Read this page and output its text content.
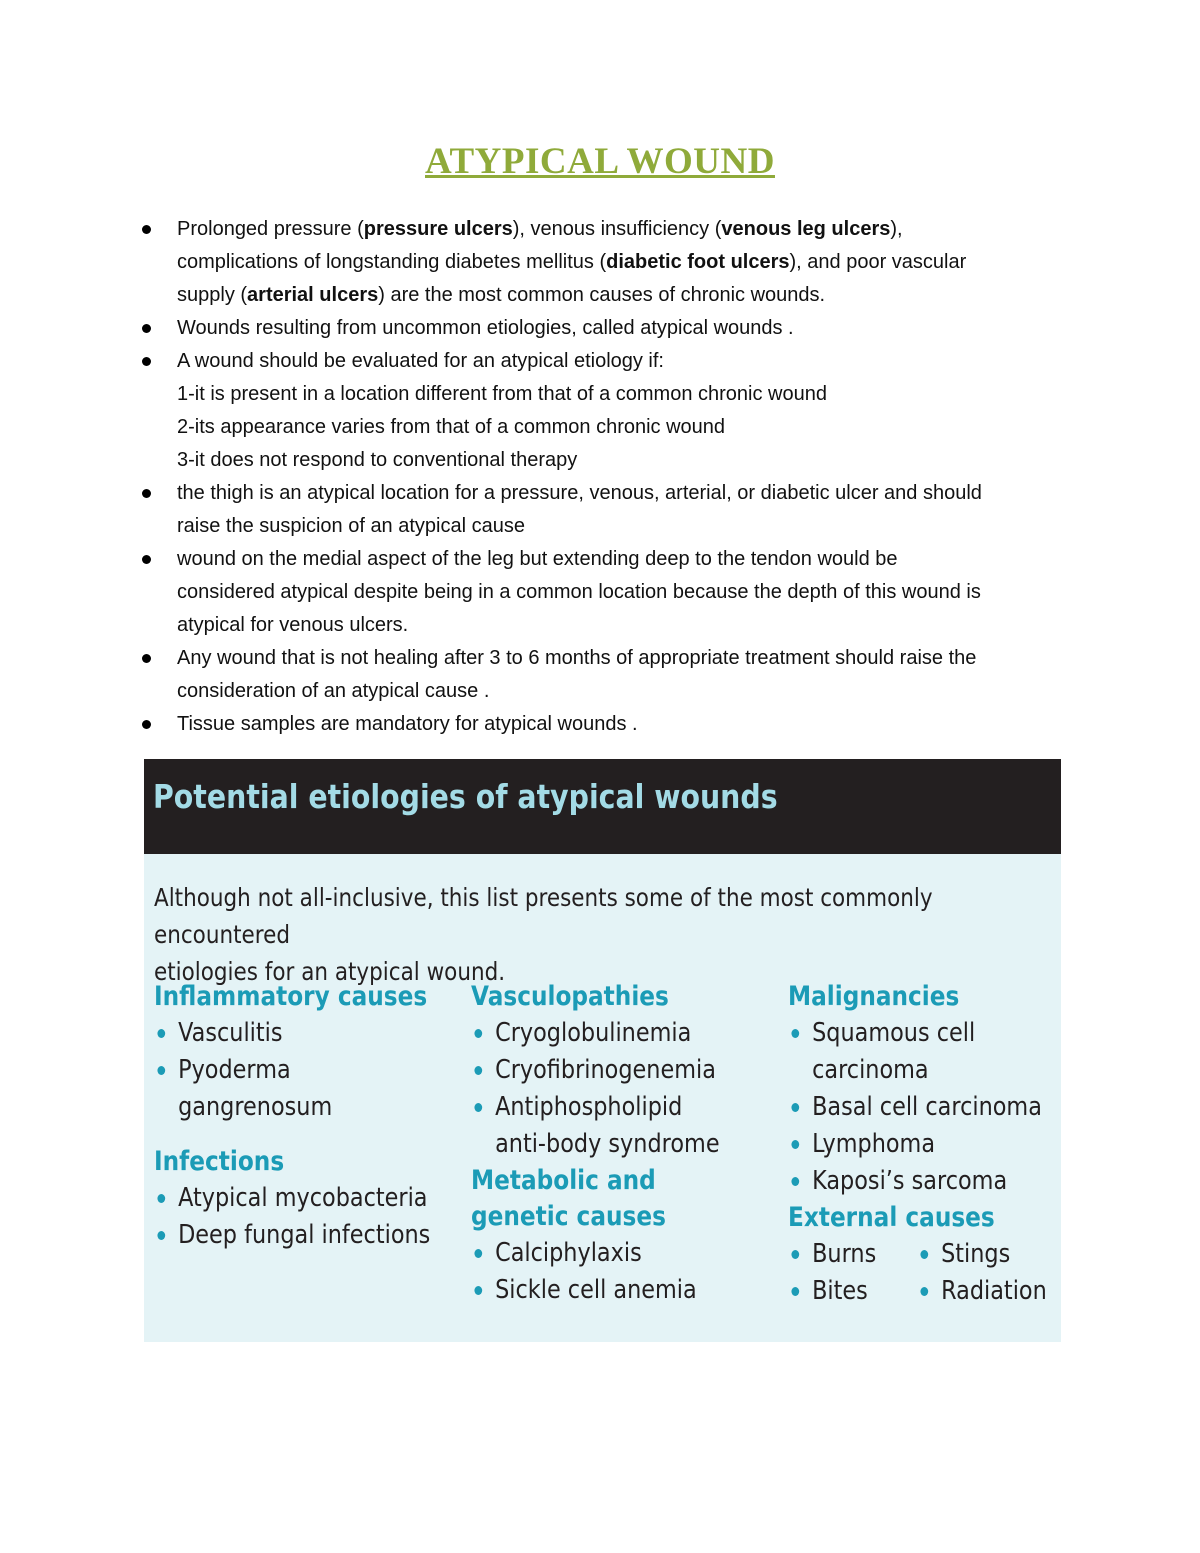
ATYPICAL WOUND
Prolonged pressure (pressure ulcers), venous insufficiency (venous leg ulcers),
complications of longstanding diabetes mellitus (diabetic foot ulcers), and poor vascular
supply (arterial ulcers) are the most common causes of chronic wounds.
Wounds resulting from uncommon etiologies, called atypical wounds .
A wound should be evaluated for an atypical etiology if:
1-it is present in a location different from that of a common chronic wound
2-its appearance varies from that of a common chronic wound
3-it does not respond to conventional therapy
the thigh is an atypical location for a pressure, venous, arterial, or diabetic ulcer and should
raise the suspicion of an atypical cause
wound on the medial aspect of the leg but extending deep to the tendon would be
considered atypical despite being in a common location because the depth of this wound is
atypical for venous ulcers.
Any wound that is not healing after 3 to 6 months of appropriate treatment should raise the
consideration of an atypical cause .
Tissue samples are mandatory for atypical wounds .
Potential etiologies of atypical wounds
Although not all-inclusive, this list presents some of the most commonly encountered
etiologies for an atypical wound.
Inflammatory causes
Vasculitis
Pyoderma gangrenosum
Infections
Atypical mycobacteria
Deep fungal infections
Vasculopathies
Cryoglobulinemia
Cryofibrinogenemia
Antiphospholipid anti-body syndrome
Metabolic and
genetic causes
Calciphylaxis
Sickle cell anemia
Malignancies
Squamous cell carcinoma
Basal cell carcinoma
Lymphoma
Kaposi’s sarcoma
External causes
Burns
Bites
Stings
Radiation
